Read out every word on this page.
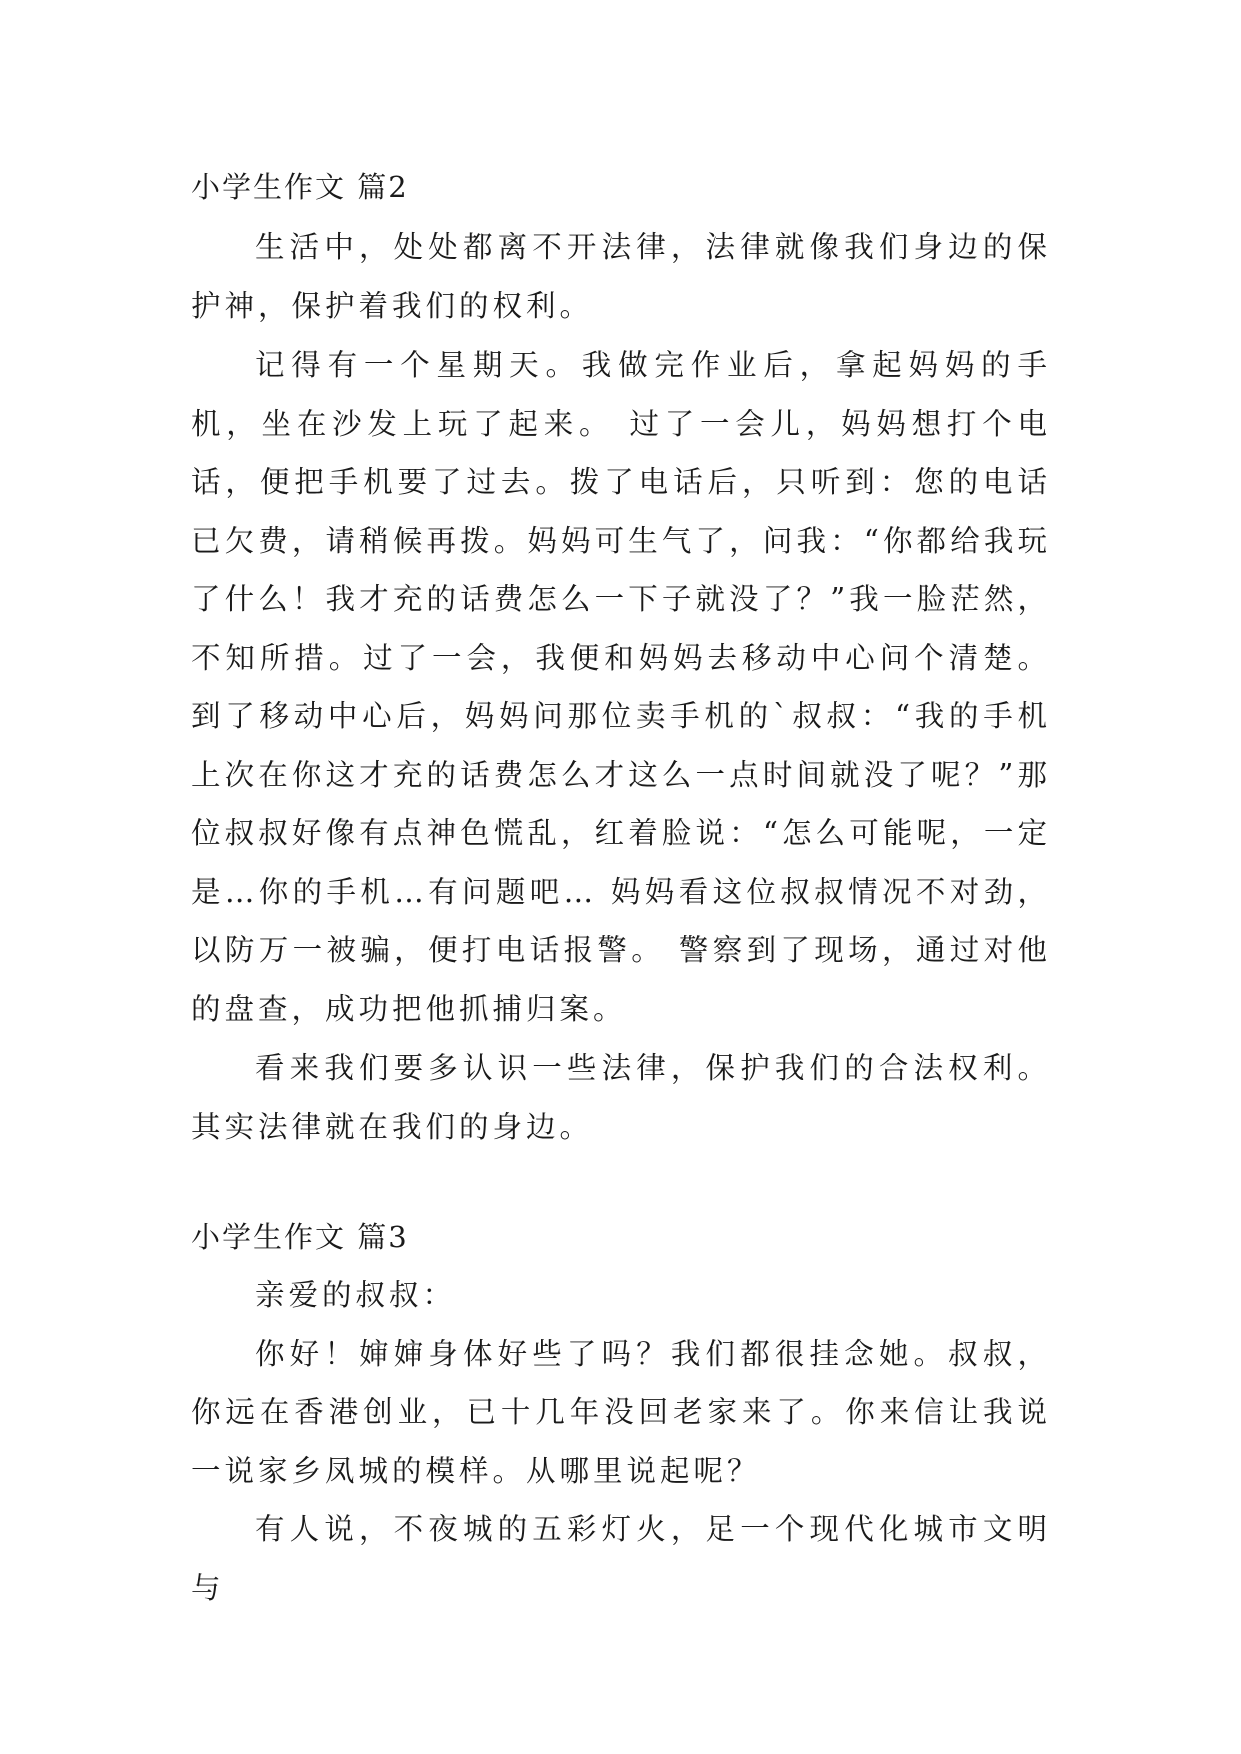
小学生作文 篇2

生活中，处处都离不开法律，法律就像我们身边的保护神，保护着我们的权利。

记得有一个星期天。我做完作业后，拿起妈妈的手机，坐在沙发上玩了起来。 过了一会儿，妈妈想打个电话，便把手机要了过去。拨了电话后，只听到：您的电话已欠费，请稍候再拨。妈妈可生气了，问我：“你都给我玩了什么！我才充的话费怎么一下子就没了？”我一脸茫然，不知所措。过了一会，我便和妈妈去移动中心问个清楚。到了移动中心后，妈妈问那位卖手机的`叔叔：“我的手机上次在你这才充的话费怎么才这么一点时间就没了呢？”那位叔叔好像有点神色慌乱，红着脸说：“怎么可能呢，一定是…你的手机…有问题吧… 妈妈看这位叔叔情况不对劲，以防万一被骗，便打电话报警。 警察到了现场，通过对他的盘查，成功把他抓捕归案。

看来我们要多认识一些法律，保护我们的合法权利。其实法律就在我们的身边。

小学生作文 篇3

亲爱的叔叔：

你好！婶婶身体好些了吗？我们都很挂念她。叔叔，你远在香港创业，已十几年没回老家来了。你来信让我说一说家乡凤城的模样。从哪里说起呢？

有人说，不夜城的五彩灯火，足一个现代化城市文明与
